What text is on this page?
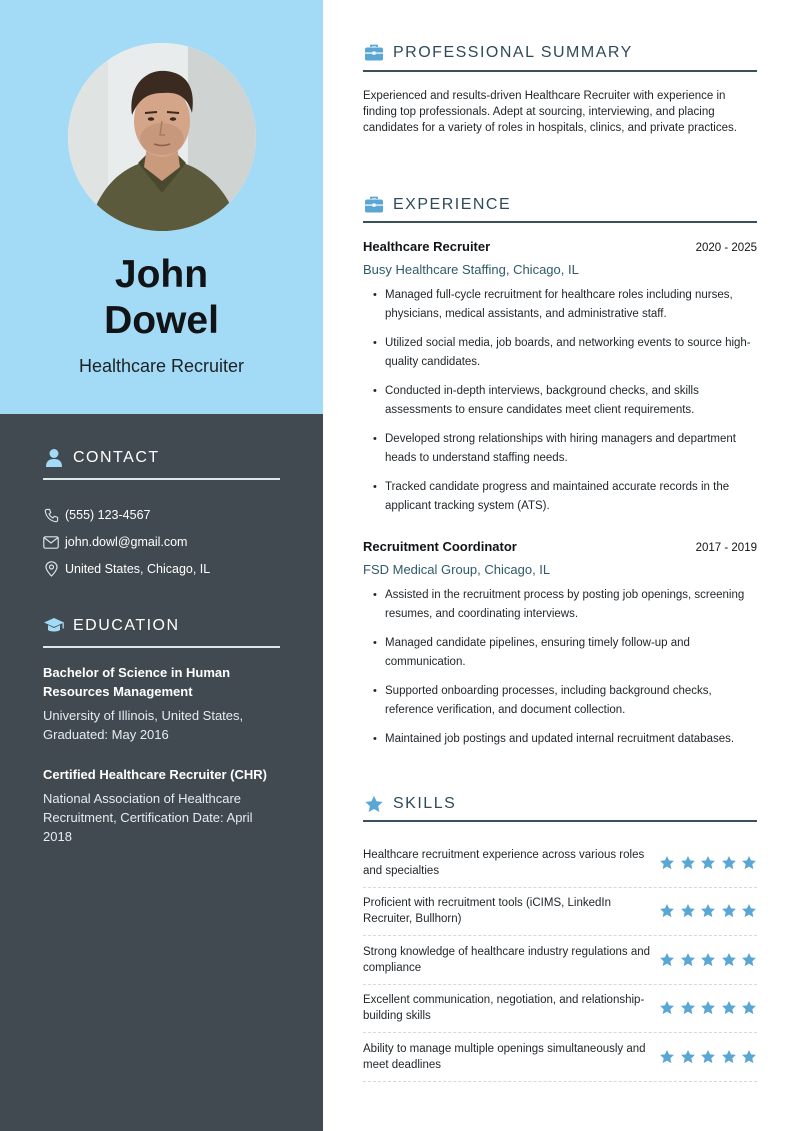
John
Dowel
Healthcare Recruiter
CONTACT
(555) 123-4567
john.dowl@gmail.com
United States, Chicago, IL
EDUCATION
Bachelor of Science in Human Resources Management
University of Illinois, United States, Graduated: May 2016
Certified Healthcare Recruiter (CHR)
National Association of Healthcare Recruitment, Certification Date: April 2018
PROFESSIONAL SUMMARY
Experienced and results-driven Healthcare Recruiter with experience in finding top professionals. Adept at sourcing, interviewing, and placing candidates for a variety of roles in hospitals, clinics, and private practices.
EXPERIENCE
Healthcare Recruiter	2020 - 2025
Busy Healthcare Staffing, Chicago, IL
• Managed full-cycle recruitment for healthcare roles including nurses, physicians, medical assistants, and administrative staff.
• Utilized social media, job boards, and networking events to source high-quality candidates.
• Conducted in-depth interviews, background checks, and skills assessments to ensure candidates meet client requirements.
• Developed strong relationships with hiring managers and department heads to understand staffing needs.
• Tracked candidate progress and maintained accurate records in the applicant tracking system (ATS).
Recruitment Coordinator	2017 - 2019
FSD Medical Group, Chicago, IL
• Assisted in the recruitment process by posting job openings, screening resumes, and coordinating interviews.
• Managed candidate pipelines, ensuring timely follow-up and communication.
• Supported onboarding processes, including background checks, reference verification, and document collection.
• Maintained job postings and updated internal recruitment databases.
SKILLS
Healthcare recruitment experience across various roles and specialties
Proficient with recruitment tools (iCIMS, LinkedIn Recruiter, Bullhorn)
Strong knowledge of healthcare industry regulations and compliance
Excellent communication, negotiation, and relationship-building skills
Ability to manage multiple openings simultaneously and meet deadlines
